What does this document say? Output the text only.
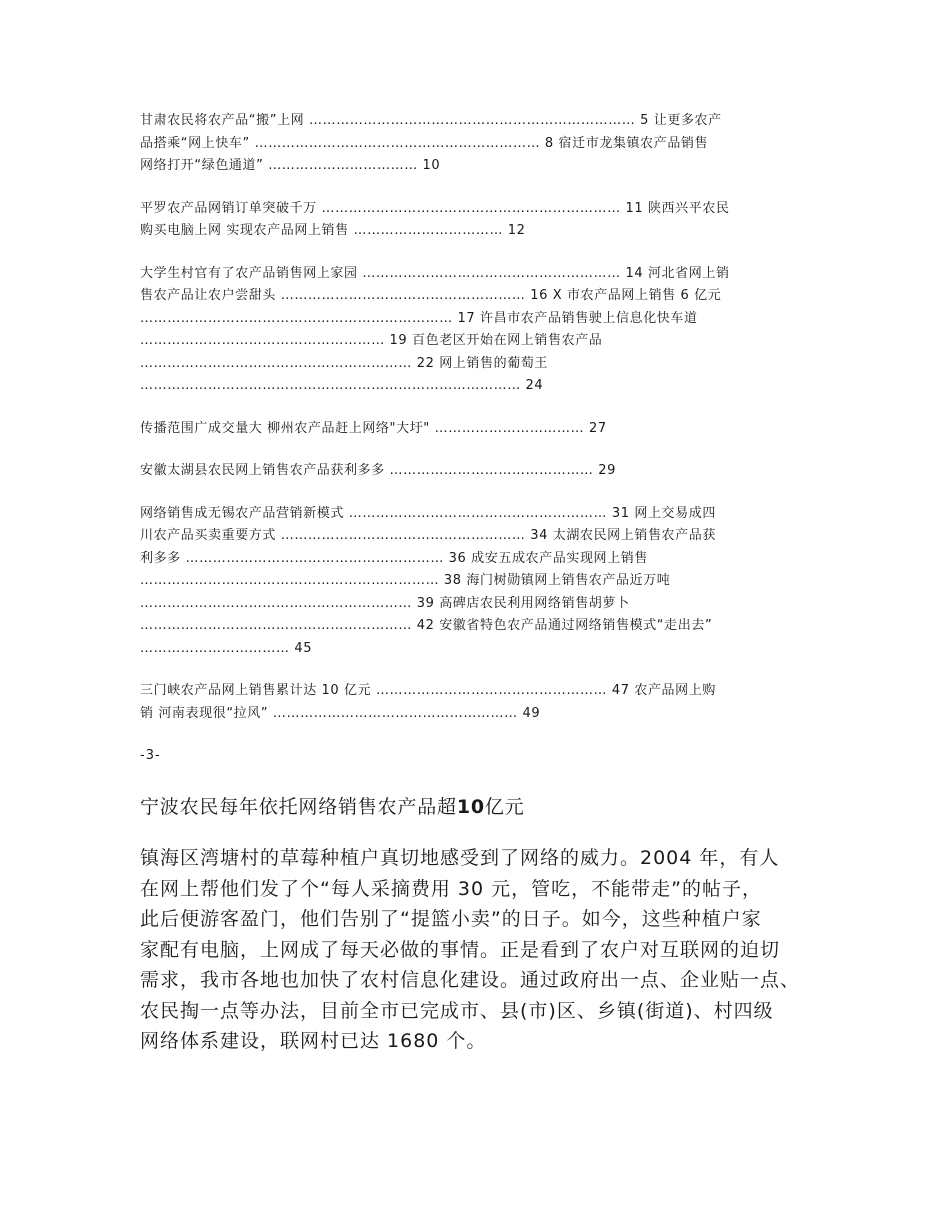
甘肃农民将农产品“搬”上网 ……………………………………………………………… 5 让更多农产
品搭乘“网上快车” ……………………………………………………… 8 宿迁市龙集镇农产品销售
网络打开“绿色通道” …………………………… 10
平罗农产品网销订单突破千万 ………………………………………………………… 11 陕西兴平农民
购买电脑上网 实现农产品网上销售 …………………………… 12
大学生村官有了农产品销售网上家园 ………………………………………………… 14 河北省网上销
售农产品让农户尝甜头 ……………………………………………… 16 X 市农产品网上销售 6 亿元
…………………………………………………………… 17 许昌市农产品销售驶上信息化快车道
……………………………………………… 19 百色老区开始在网上销售农产品
…………………………………………………… 22 网上销售的葡萄王
………………………………………………………………………… 24
传播范围广成交量大 柳州农产品赶上网络"大圩" …………………………… 27
安徽太湖县农民网上销售农产品获利多多 ……………………………………… 29
网络销售成无锡农产品营销新模式 ………………………………………………… 31 网上交易成四
川农产品买卖重要方式 ……………………………………………… 34 太湖农民网上销售农产品获
利多多 ………………………………………………… 36 成安五成农产品实现网上销售
………………………………………………………… 38 海门树勋镇网上销售农产品近万吨
…………………………………………………… 39 高碑店农民利用网络销售胡萝卜
…………………………………………………… 42 安徽省特色农产品通过网络销售模式“走出去”
…………………………… 45
三门峡农产品网上销售累计达 10 亿元 …………………………………………… 47 农产品网上购
销 河南表现很“拉风” ……………………………………………… 49
-3-
宁波农民每年依托网络销售农产品超10亿元
镇海区湾塘村的草莓种植户真切地感受到了网络的威力。2004 年，有人
在网上帮他们发了个“每人采摘费用 30 元，管吃，不能带走”的帖子，
此后便游客盈门，他们告别了“提篮小卖”的日子。如今，这些种植户家
家配有电脑，上网成了每天必做的事情。正是看到了农户对互联网的迫切
需求，我市各地也加快了农村信息化建设。通过政府出一点、企业贴一点、
农民掏一点等办法，目前全市已完成市、县(市)区、乡镇(街道)、村四级
网络体系建设，联网村已达 1680 个。
